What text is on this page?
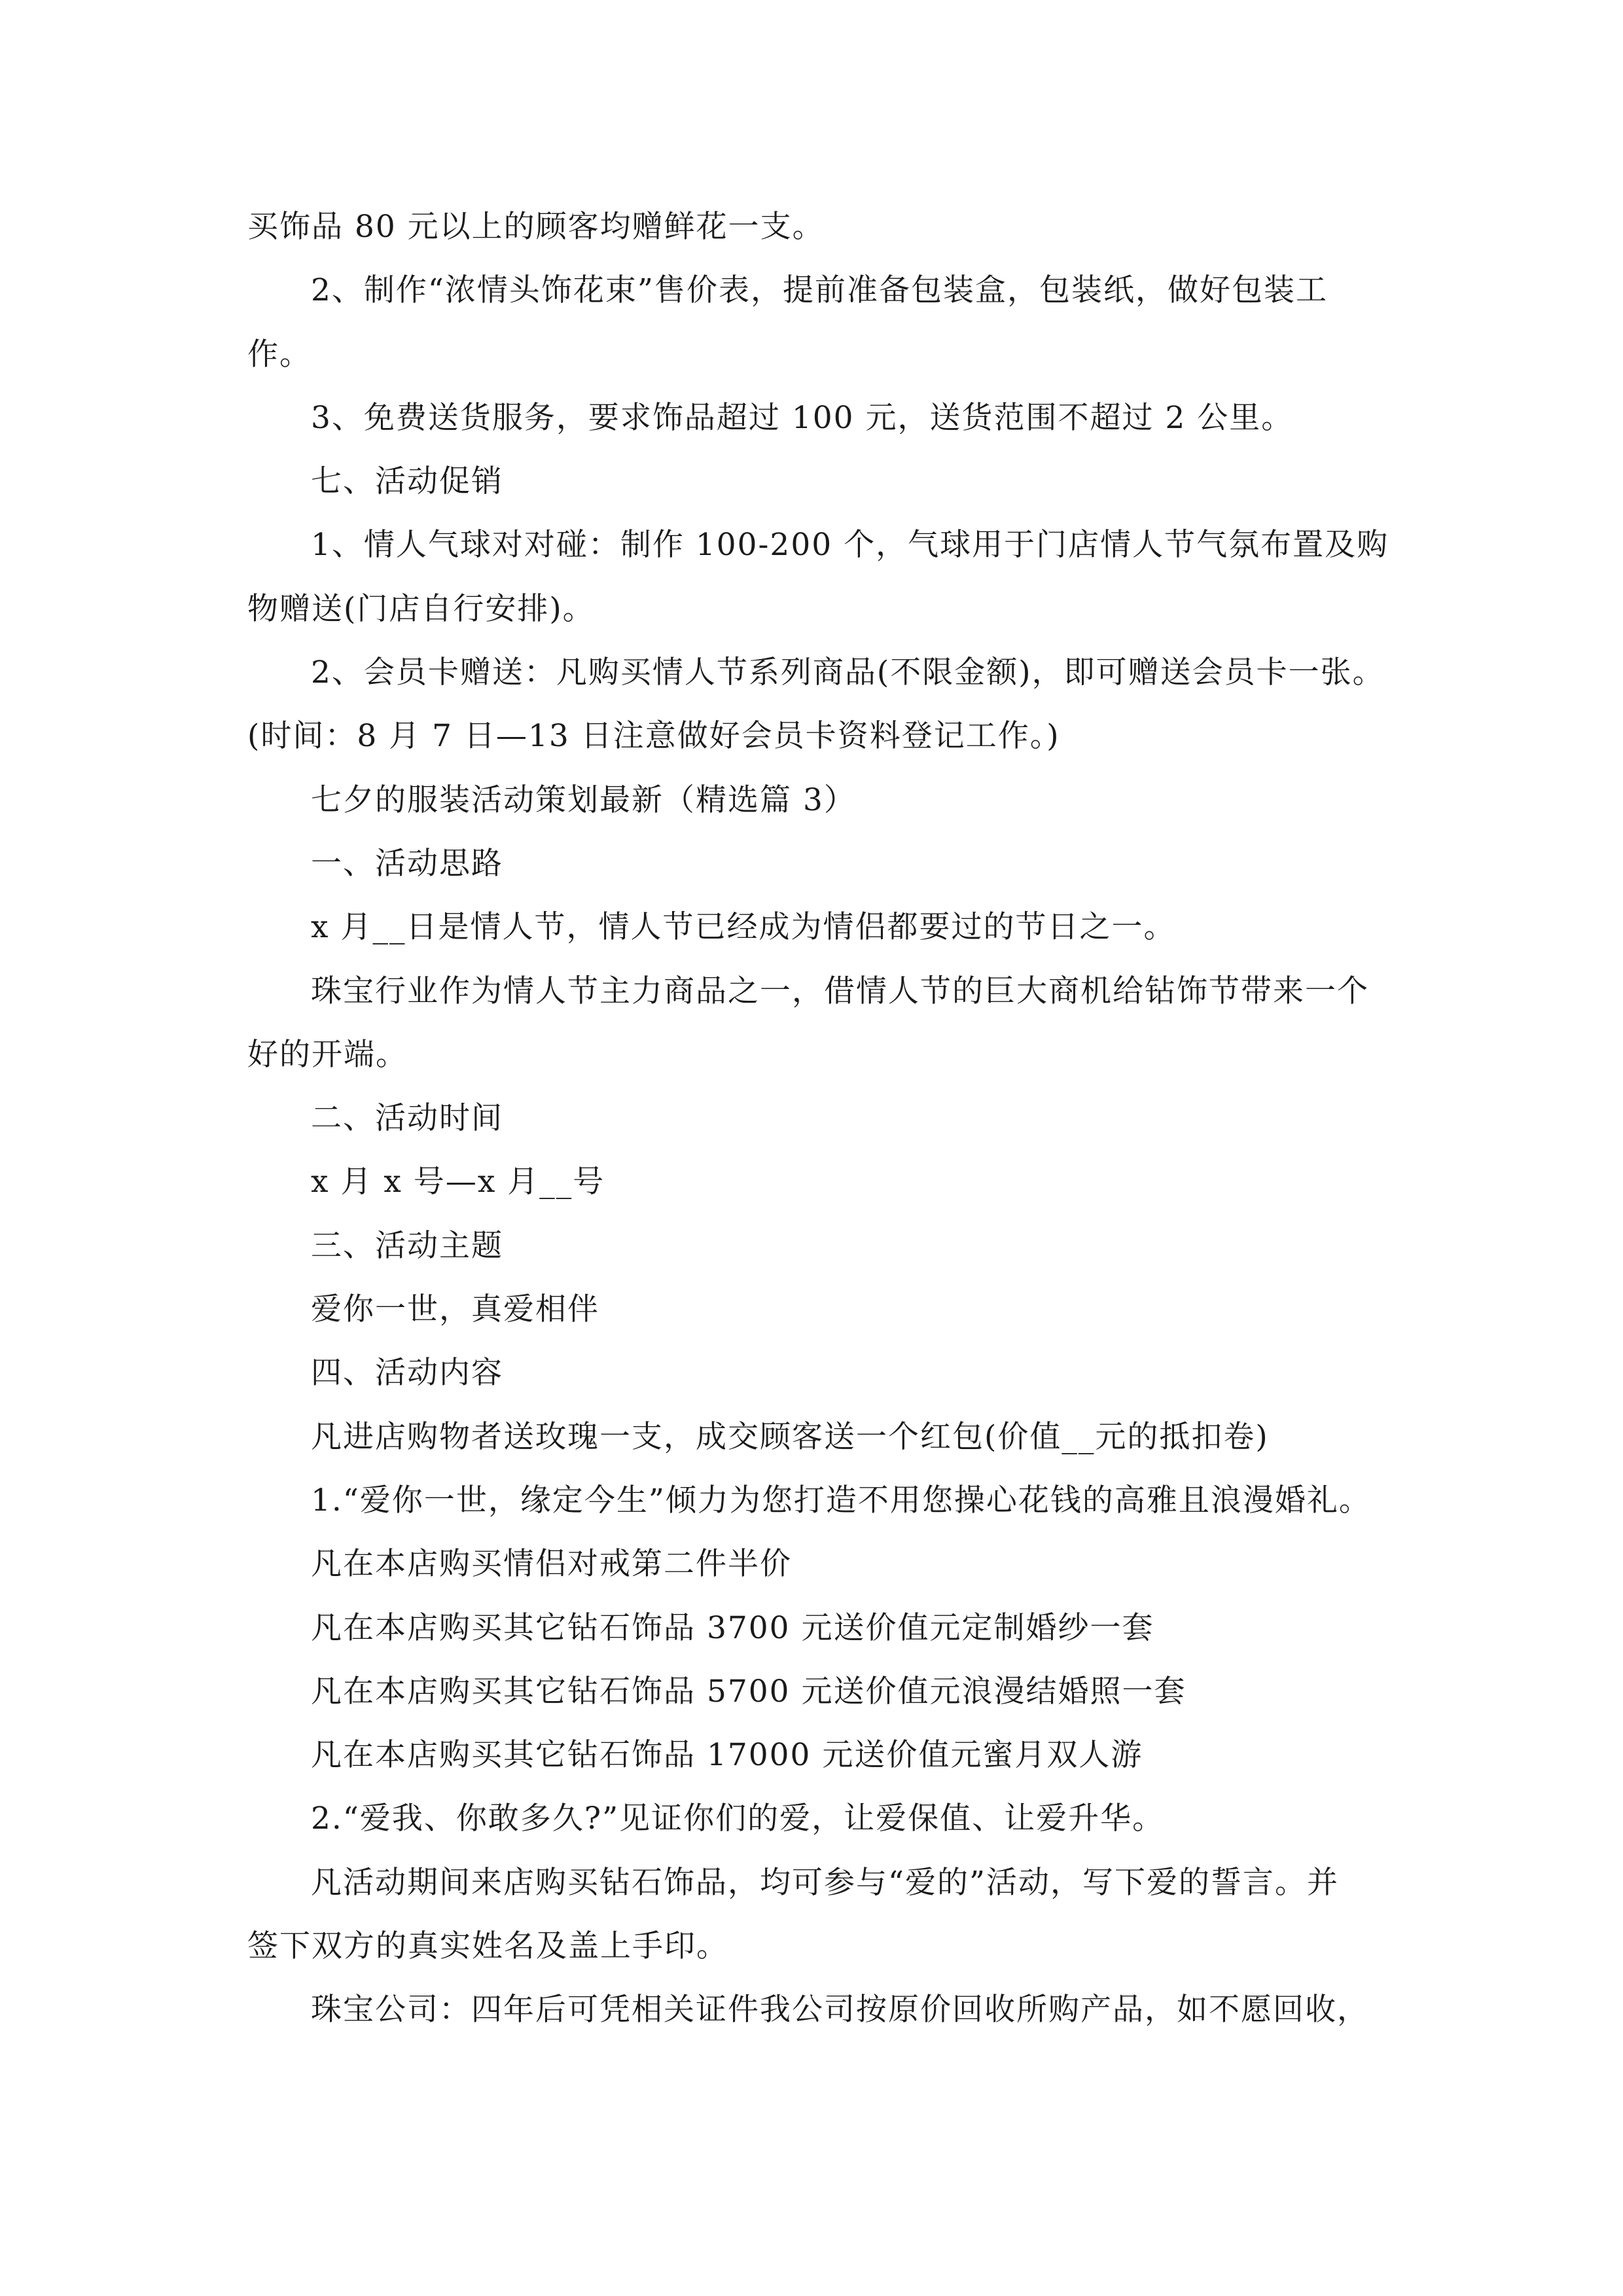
买饰品 80 元以上的顾客均赠鲜花一支。
2、制作“浓情头饰花束”售价表，提前准备包装盒，包装纸，做好包装工
作。
3、免费送货服务，要求饰品超过 100 元，送货范围不超过 2 公里。
七、活动促销
1、情人气球对对碰：制作 100-200 个，气球用于门店情人节气氛布置及购
物赠送(门店自行安排)。
2、会员卡赠送：凡购买情人节系列商品(不限金额)，即可赠送会员卡一张。
(时间：8 月 7 日—13 日注意做好会员卡资料登记工作。)
七夕的服装活动策划最新（精选篇 3）
一、活动思路
x 月__日是情人节，情人节已经成为情侣都要过的节日之一。
珠宝行业作为情人节主力商品之一，借情人节的巨大商机给钻饰节带来一个
好的开端。
二、活动时间
x 月 x 号—x 月__号
三、活动主题
爱你一世，真爱相伴
四、活动内容
凡进店购物者送玫瑰一支，成交顾客送一个红包(价值__元的抵扣卷)
1.“爱你一世，缘定今生”倾力为您打造不用您操心花钱的高雅且浪漫婚礼。
凡在本店购买情侣对戒第二件半价
凡在本店购买其它钻石饰品 3700 元送价值元定制婚纱一套
凡在本店购买其它钻石饰品 5700 元送价值元浪漫结婚照一套
凡在本店购买其它钻石饰品 17000 元送价值元蜜月双人游
2.“爱我、你敢多久?”见证你们的爱，让爱保值、让爱升华。
凡活动期间来店购买钻石饰品，均可参与“爱的”活动，写下爱的誓言。并
签下双方的真实姓名及盖上手印。
珠宝公司：四年后可凭相关证件我公司按原价回收所购产品，如不愿回收，
